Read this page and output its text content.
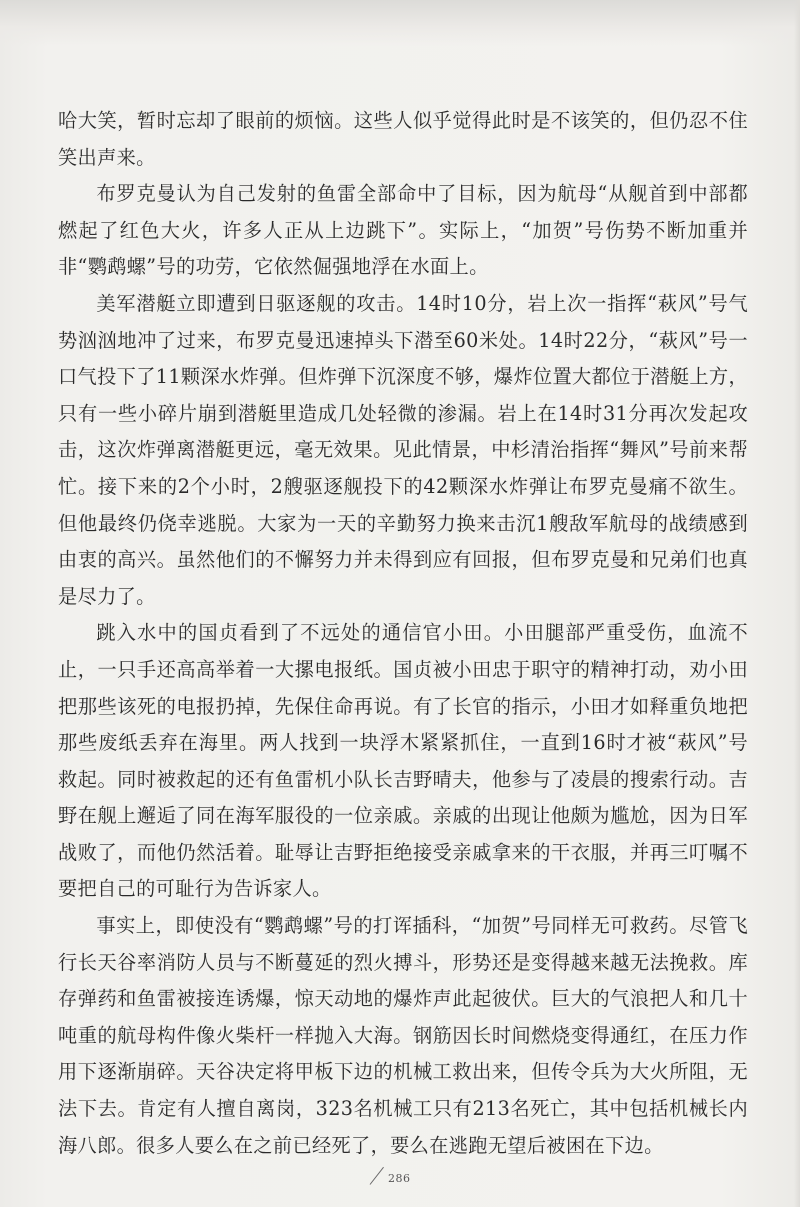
哈大笑，暂时忘却了眼前的烦恼。这些人似乎觉得此时是不该笑的，但仍忍不住笑出声来。

布罗克曼认为自己发射的鱼雷全部命中了目标，因为航母“从舰首到中部都燃起了红色大火，许多人正从上边跳下”。实际上，“加贺”号伤势不断加重并非“鹦鹉螺”号的功劳，它依然倔强地浮在水面上。

美军潜艇立即遭到日驱逐舰的攻击。14时10分，岩上次一指挥“萩风”号气势汹汹地冲了过来，布罗克曼迅速掉头下潜至60米处。14时22分，“萩风”号一口气投下了11颗深水炸弹。但炸弹下沉深度不够，爆炸位置大都位于潜艇上方，只有一些小碎片崩到潜艇里造成几处轻微的渗漏。岩上在14时31分再次发起攻击，这次炸弹离潜艇更远，毫无效果。见此情景，中杉清治指挥“舞风”号前来帮忙。接下来的2个小时，2艘驱逐舰投下的42颗深水炸弹让布罗克曼痛不欲生。但他最终仍侥幸逃脱。大家为一天的辛勤努力换来击沉1艘敌军航母的战绩感到由衷的高兴。虽然他们的不懈努力并未得到应有回报，但布罗克曼和兄弟们也真是尽力了。

跳入水中的国贞看到了不远处的通信官小田。小田腿部严重受伤，血流不止，一只手还高高举着一大摞电报纸。国贞被小田忠于职守的精神打动，劝小田把那些该死的电报扔掉，先保住命再说。有了长官的指示，小田才如释重负地把那些废纸丢弃在海里。两人找到一块浮木紧紧抓住，一直到16时才被“萩风”号救起。同时被救起的还有鱼雷机小队长吉野晴夫，他参与了凌晨的搜索行动。吉野在舰上邂逅了同在海军服役的一位亲戚。亲戚的出现让他颇为尴尬，因为日军战败了，而他仍然活着。耻辱让吉野拒绝接受亲戚拿来的干衣服，并再三叮嘱不要把自己的可耻行为告诉家人。

事实上，即使没有“鹦鹉螺”号的打诨插科，“加贺”号同样无可救药。尽管飞行长天谷率消防人员与不断蔓延的烈火搏斗，形势还是变得越来越无法挽救。库存弹药和鱼雷被接连诱爆，惊天动地的爆炸声此起彼伏。巨大的气浪把人和几十吨重的航母构件像火柴杆一样抛入大海。钢筋因长时间燃烧变得通红，在压力作用下逐渐崩碎。天谷决定将甲板下边的机械工救出来，但传令兵为大火所阻，无法下去。肯定有人擅自离岗，323名机械工只有213名死亡，其中包括机械长内海八郎。很多人要么在之前已经死了，要么在逃跑无望后被困在下边。

286
